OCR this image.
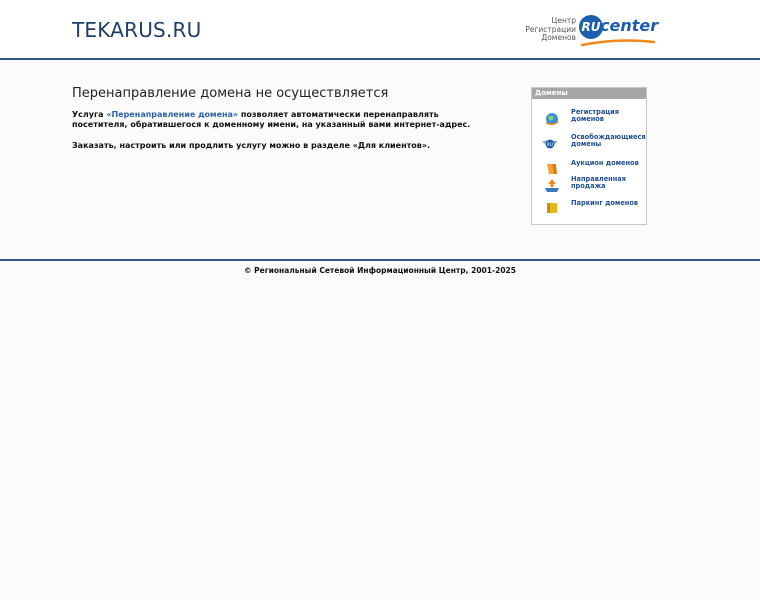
TEKARUS.RU	Центр
Регистрации
Доменов
RU center
Перенаправление домена не осуществляется

Услуга «Перенаправление домена» позволяет автоматически перенаправлять посетителя, обратившегося к доменному имени, на указанный вами интернет-адрес.

Заказать, настроить или продлить услугу можно в разделе «Для клиентов».

Домены
Регистрация доменов
RU
Освобождающиеся домены
Аукцион доменов
Направленная продажа
Паркинг доменов
© Региональный Сетевой Информационный Центр, 2001-2025
